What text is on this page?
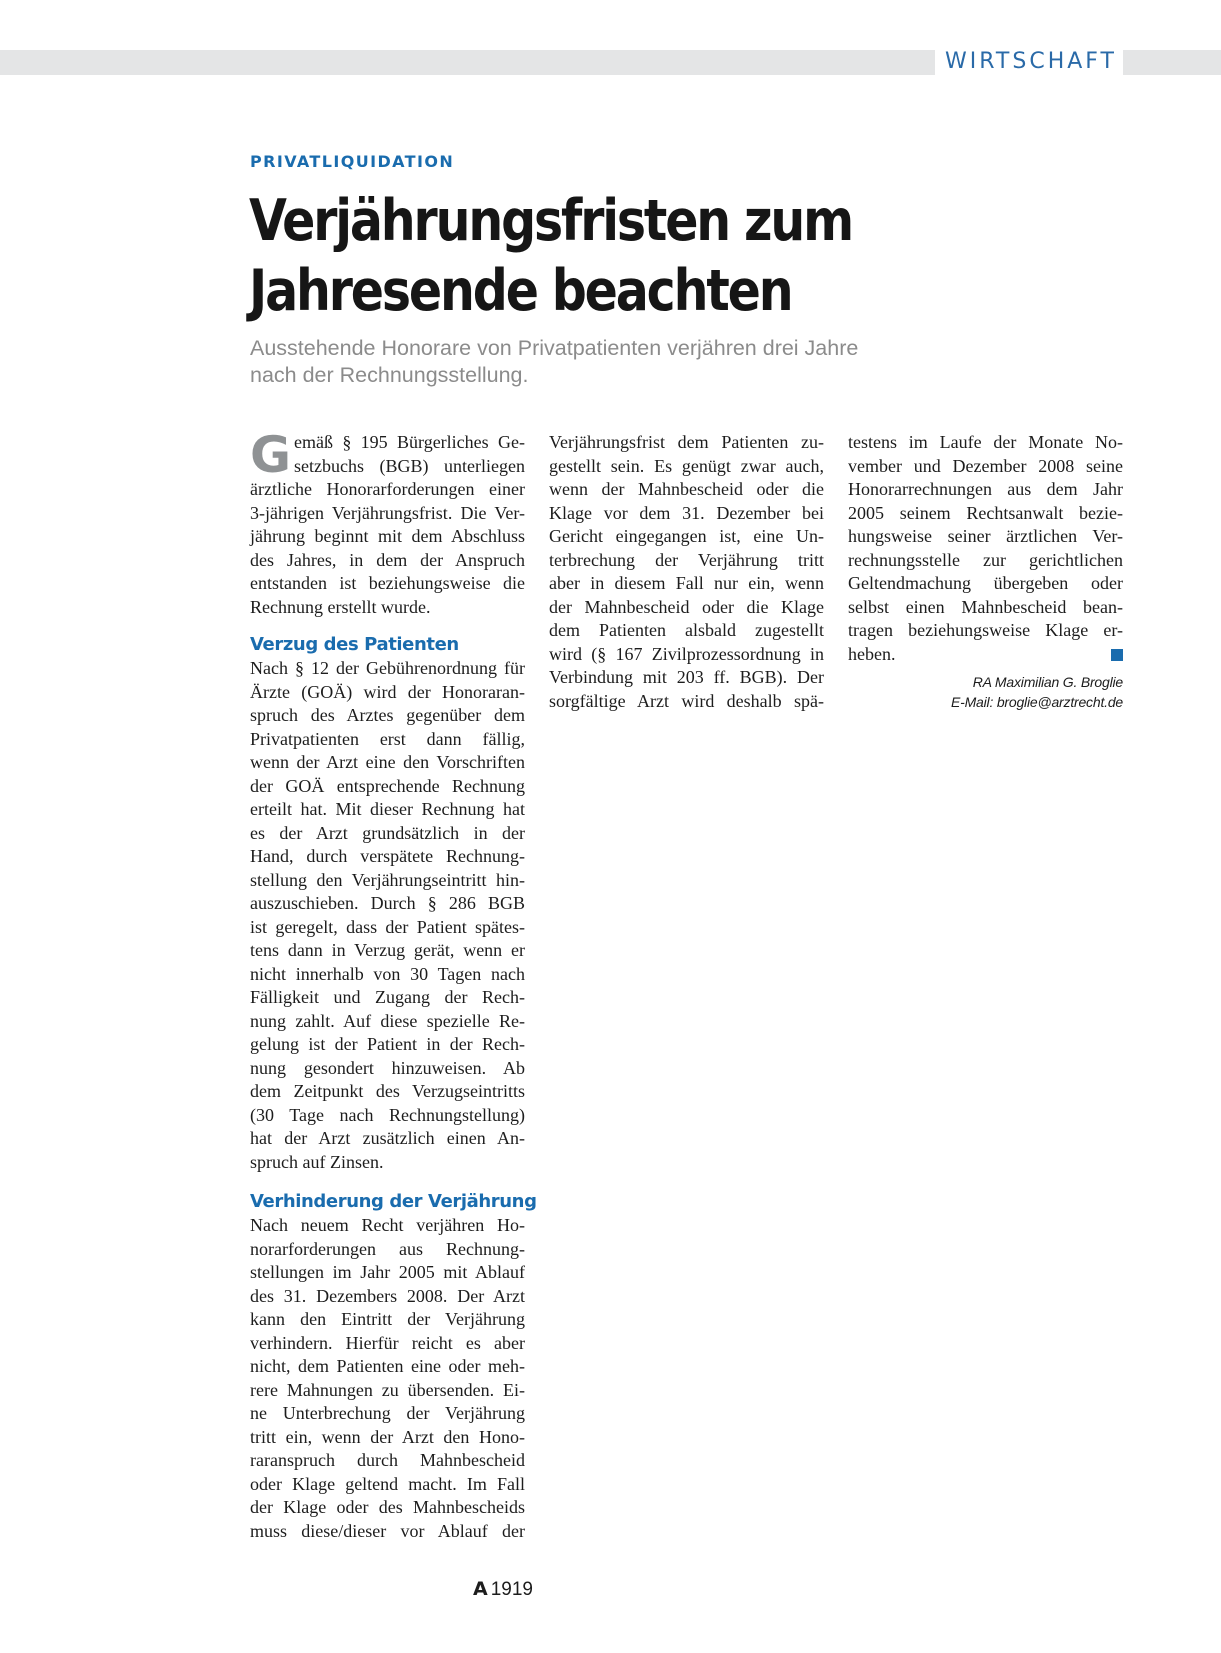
WIRTSCHAFT
PRIVATLIQUIDATION
Verjährungsfristen zum
Jahresende beachten
Ausstehende Honorare von Privatpatienten verjähren drei Jahre
nach der Rechnungsstellung.
G emäß § 195 Bürgerliches Ge-
setzbuchs (BGB) unterliegen
ärztliche Honorarforderungen einer
3-jährigen Verjährungsfrist. Die Ver-
jährung beginnt mit dem Abschluss
des Jahres, in dem der Anspruch
entstanden ist beziehungsweise die
Rechnung erstellt wurde.
Verzug des Patienten
Nach § 12 der Gebührenordnung für
Ärzte (GOÄ) wird der Honoraran-
spruch des Arztes gegenüber dem
Privatpatienten erst dann fällig,
wenn der Arzt eine den Vorschriften
der GOÄ entsprechende Rechnung
erteilt hat. Mit dieser Rechnung hat
es der Arzt grundsätzlich in der
Hand, durch verspätete Rechnung-
stellung den Verjährungseintritt hin-
auszuschieben. Durch § 286 BGB
ist geregelt, dass der Patient spätes-
tens dann in Verzug gerät, wenn er
nicht innerhalb von 30 Tagen nach
Fälligkeit und Zugang der Rech-
nung zahlt. Auf diese spezielle Re-
gelung ist der Patient in der Rech-
nung gesondert hinzuweisen. Ab
dem Zeitpunkt des Verzugseintritts
(30 Tage nach Rechnungstellung)
hat der Arzt zusätzlich einen An-
spruch auf Zinsen.
Verhinderung der Verjährung
Nach neuem Recht verjähren Ho-
norarforderungen aus Rechnung-
stellungen im Jahr 2005 mit Ablauf
des 31. Dezembers 2008. Der Arzt
kann den Eintritt der Verjährung
verhindern. Hierfür reicht es aber
nicht, dem Patienten eine oder meh-
rere Mahnungen zu übersenden. Ei-
ne Unterbrechung der Verjährung
tritt ein, wenn der Arzt den Hono-
raranspruch durch Mahnbescheid
oder Klage geltend macht. Im Fall
der Klage oder des Mahnbescheids
muss diese/dieser vor Ablauf der
Verjährungsfrist dem Patienten zu-
gestellt sein. Es genügt zwar auch,
wenn der Mahnbescheid oder die
Klage vor dem 31. Dezember bei
Gericht eingegangen ist, eine Un-
terbrechung der Verjährung tritt
aber in diesem Fall nur ein, wenn
der Mahnbescheid oder die Klage
dem Patienten alsbald zugestellt
wird (§ 167 Zivilprozessordnung in
Verbindung mit 203 ff. BGB). Der
sorgfältige Arzt wird deshalb spä-
testens im Laufe der Monate No-
vember und Dezember 2008 seine
Honorarrechnungen aus dem Jahr
2005 seinem Rechtsanwalt bezie-
hungsweise seiner ärztlichen Ver-
rechnungsstelle zur gerichtlichen
Geltendmachung übergeben oder
selbst einen Mahnbescheid bean-
tragen beziehungsweise Klage er-
heben.
RA Maximilian G. Broglie
E-Mail: broglie@arztrecht.de
A 1919
